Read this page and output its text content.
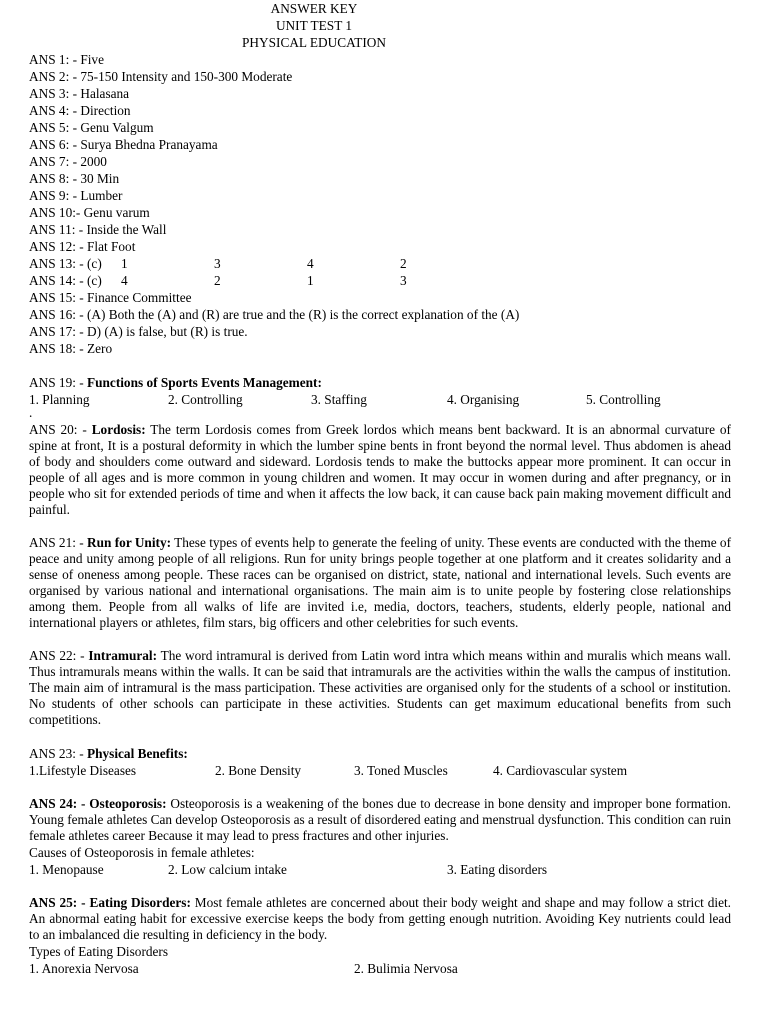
ANSWER KEY
UNIT TEST 1
PHYSICAL EDUCATION
ANS 1: - Five
ANS 2: - 75-150 Intensity and 150-300 Moderate
ANS 3: - Halasana
ANS 4: - Direction
ANS 5: - Genu Valgum
ANS 6: - Surya Bhedna Pranayama
ANS 7: - 2000
ANS 8: - 30 Min
ANS 9: - Lumber
ANS 10:- Genu varum
ANS 11: - Inside the Wall
ANS 12: - Flat Foot
ANS 13: - (c) 1	3	4	2
ANS 14: - (c) 4	2	1	3
ANS 15: - Finance Committee
ANS 16: - (A) Both the (A) and (R) are true and the (R) is the correct explanation of the (A)
ANS 17: - D) (A) is false, but (R) is true.
ANS 18: - Zero
ANS 19: - Functions of Sports Events Management:
1. Planning	2. Controlling	3. Staffing	4. Organising	5. Controlling
.
ANS 20: - Lordosis: The term Lordosis comes from Greek lordos which means bent backward. It is an abnormal curvature of spine at front, It is a postural deformity in which the lumber spine bents in front beyond the normal level. Thus abdomen is ahead of body and shoulders come outward and sideward. Lordosis tends to make the buttocks appear more prominent. It can occur in people of all ages and is more common in young children and women. It may occur in women during and after pregnancy, or in people who sit for extended periods of time and when it affects the low back, it can cause back pain making movement difficult and painful.
ANS 21: - Run for Unity: These types of events help to generate the feeling of unity. These events are conducted with the theme of peace and unity among people of all religions. Run for unity brings people together at one platform and it creates solidarity and a sense of oneness among people. These races can be organised on district, state, national and international levels. Such events are organised by various national and international organisations. The main aim is to unite people by fostering close relationships among them. People from all walks of life are invited i.e, media, doctors, teachers, students, elderly people, national and international players or athletes, film stars, big officers and other celebrities for such events.
ANS 22: - Intramural: The word intramural is derived from Latin word intra which means within and muralis which means wall. Thus intramurals means within the walls. It can be said that intramurals are the activities within the walls the campus of institution. The main aim of intramural is the mass participation. These activities are organised only for the students of a school or institution. No students of other schools can participate in these activities. Students can get maximum educational benefits from such competitions.
ANS 23: - Physical Benefits:
1.Lifestyle Diseases	2. Bone Density	3. Toned Muscles	4. Cardiovascular system
ANS 24: - Osteoporosis: Osteoporosis is a weakening of the bones due to decrease in bone density and improper bone formation. Young female athletes Can develop Osteoporosis as a result of disordered eating and menstrual dysfunction. This condition can ruin female athletes career Because it may lead to press fractures and other injuries.
Causes of Osteoporosis in female athletes:
1. Menopause	2. Low calcium intake	3. Eating disorders
ANS 25: - Eating Disorders: Most female athletes are concerned about their body weight and shape and may follow a strict diet. An abnormal eating habit for excessive exercise keeps the body from getting enough nutrition. Avoiding Key nutrients could lead to an imbalanced die resulting in deficiency in the body.
Types of Eating Disorders
1. Anorexia Nervosa	2. Bulimia Nervosa
